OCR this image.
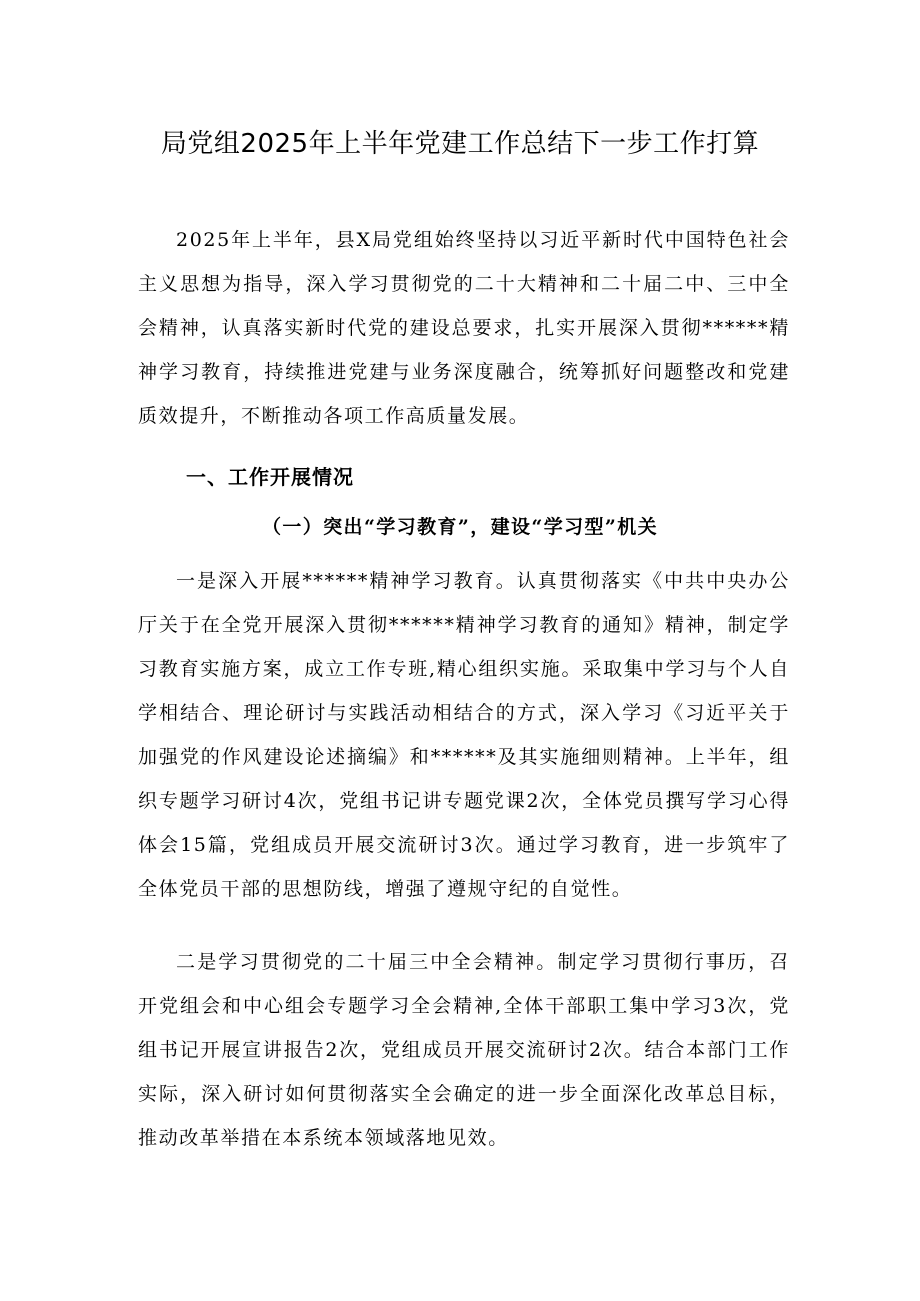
局党组2025年上半年党建工作总结下一步工作打算

2025年上半年，县X局党组始终坚持以习近平新时代中国特色社会主义思想为指导，深入学习贯彻党的二十大精神和二十届二中、三中全会精神，认真落实新时代党的建设总要求，扎实开展深入贯彻******精神学习教育，持续推进党建与业务深度融合，统筹抓好问题整改和党建质效提升，不断推动各项工作高质量发展。

一、工作开展情况
（一）突出“学习教育”，建设“学习型”机关

一是深入开展******精神学习教育。认真贯彻落实《中共中央办公厅关于在全党开展深入贯彻******精神学习教育的通知》精神，制定学习教育实施方案，成立工作专班,精心组织实施。采取集中学习与个人自学相结合、理论研讨与实践活动相结合的方式，深入学习《习近平关于加强党的作风建设论述摘编》和******及其实施细则精神。上半年，组织专题学习研讨4次，党组书记讲专题党课2次，全体党员撰写学习心得体会15篇，党组成员开展交流研讨3次。通过学习教育，进一步筑牢了全体党员干部的思想防线，增强了遵规守纪的自觉性。

二是学习贯彻党的二十届三中全会精神。制定学习贯彻行事历，召开党组会和中心组会专题学习全会精神,全体干部职工集中学习3次，党组书记开展宣讲报告2次，党组成员开展交流研讨2次。结合本部门工作实际，深入研讨如何贯彻落实全会确定的进一步全面深化改革总目标，推动改革举措在本系统本领域落地见效。
